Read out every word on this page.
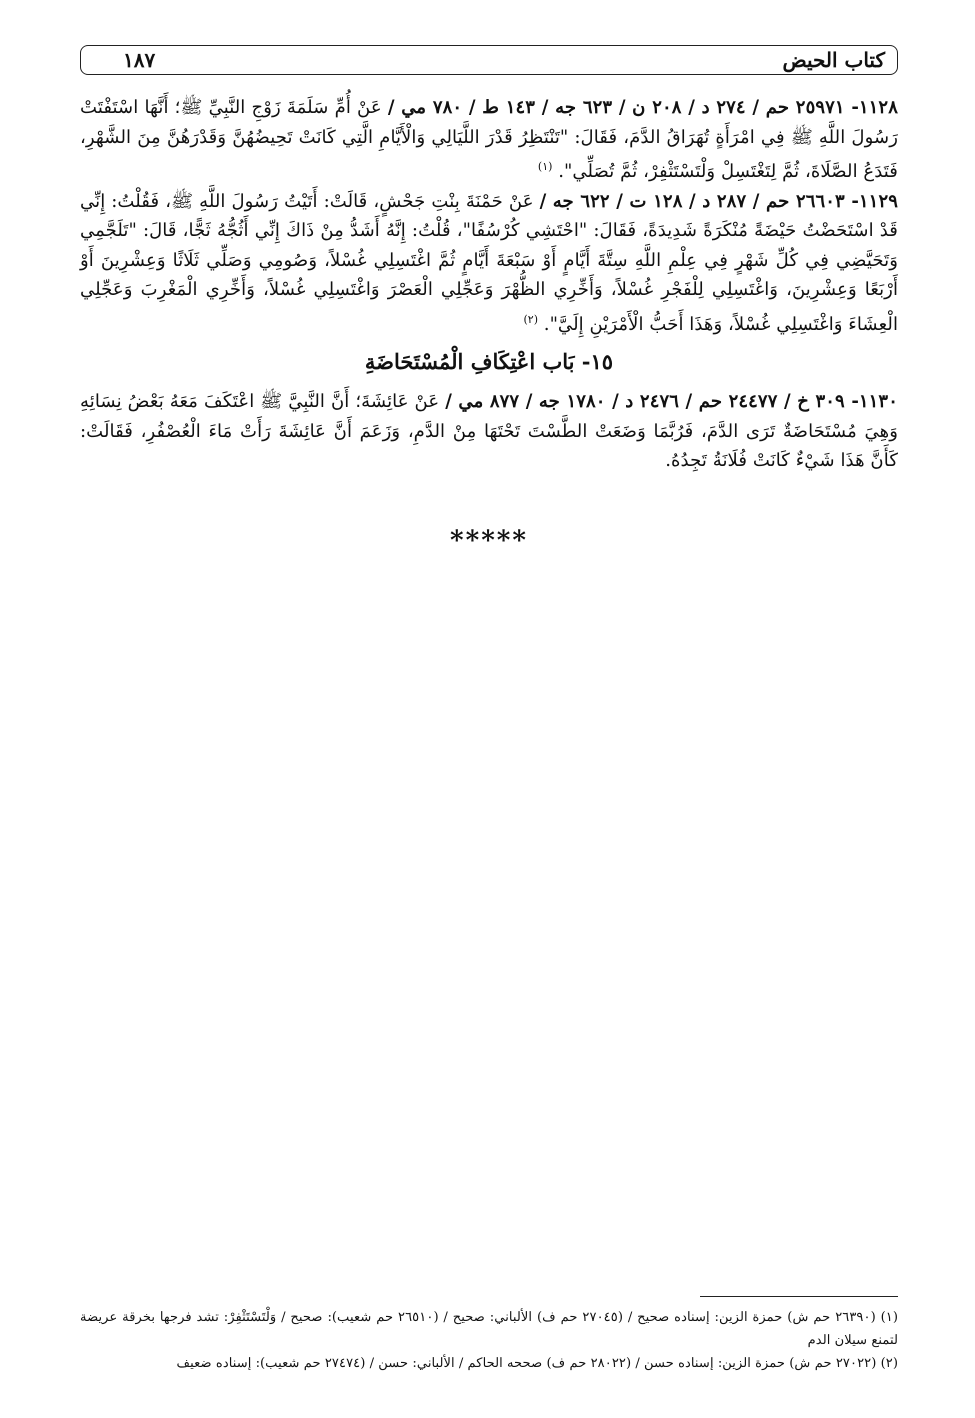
كتاب الحيض
١٨٧

١١٢٨- ٢٥٩٧١ حم / ٢٧٤ د / ٢٠٨ ن / ٦٢٣ جه / ١٤٣ ط / ٧٨٠ مي / عَنْ أُمِّ سَلَمَةَ زَوْجِ النَّبِيِّ ﷺ؛ أَنَّهَا اسْتَفْتَتْ رَسُولَ اللَّهِ ﷺ فِي امْرَأَةٍ تُهَرَاقُ الدَّمَ، فَقَالَ: "تَنْتَظِرُ قَدْرَ اللَّيَالِي وَالْأَيَّامِ الَّتِي كَانَتْ تَحِيضُهُنَّ وَقَدْرَهُنَّ مِنَ الشَّهْرِ، فَتَدَعُ الصَّلَاةَ، ثُمَّ لِتَغْتَسِلْ وَلْتَسْتَثْفِرْ، ثُمَّ تُصَلِّي". $^{(١)}$

١١٢٩- ٢٦٦٠٣ حم / ٢٨٧ د / ١٢٨ ت / ٦٢٢ جه / عَنْ حَمْنَةَ بِنْتِ جَحْشٍ، قَالَتْ: أَتَيْتُ رَسُولَ اللَّهِ ﷺ، فَقُلْتُ: إِنِّي قَدْ اسْتَحَضْتُ حَيْضَةً مُنْكَرَةً شَدِيدَةً، فَقَالَ: "احْتَشِي كُرْسُفًا"، قُلْتُ: إِنَّهُ أَشَدُّ مِنْ ذَاكَ إِنِّي أَثُجُّهُ ثَجًّا، قَالَ: "تَلَجَّمِي وَتَحَيَّضِي فِي كُلِّ شَهْرٍ فِي عِلْمِ اللَّهِ سِتَّةَ أَيَّامٍ أَوْ سَبْعَةَ أَيَّامٍ ثُمَّ اغْتَسِلِي غُسْلاً، وَصُومِي وَصَلِّي ثَلَاثًا وَعِشْرِينَ أَوْ أَرْبَعًا وَعِشْرِينَ، وَاغْتَسِلِي لِلْفَجْرِ غُسْلاً، وَأَخِّرِي الظُّهْرَ وَعَجِّلِي الْعَصْرَ وَاغْتَسِلِي غُسْلاً، وَأَخِّرِي الْمَغْرِبَ وَعَجِّلِي الْعِشَاءَ وَاغْتَسِلِي غُسْلاً، وَهَذَا أَحَبُّ الْأَمْرَيْنِ إِلَيَّ". $^{(٢)}$

١٥- بَاب اعْتِكَافِ الْمُسْتَحَاضَةِ

١١٣٠- ٣٠٩ خ / ٢٤٤٧٧ حم / ٢٤٧٦ د / ١٧٨٠ جه / ٨٧٧ مي / عَنْ عَائِشَةَ؛ أَنَّ النَّبِيَّ ﷺ اعْتَكَفَ مَعَهُ بَعْضُ نِسَائِهِ وَهِيَ مُسْتَحَاضَةٌ تَرَى الدَّمَ، فَرُبَّمَا وَضَعَتْ الطَّسْتَ تَحْتَهَا مِنْ الدَّمِ، وَزَعَمَ أَنَّ عَائِشَةَ رَأَتْ مَاءَ الْعُصْفُرِ، فَقَالَتْ: كَأَنَّ هَذَا شَيْءٌ كَانَتْ فُلَانَةُ تَجِدُهُ.

*****

(١) (٢٦٣٩٠ حم ش) حمزة الزين: إسناده صحيح / (٢٧٠٤٥ حم ف) الألباني: صحيح / (٢٦٥١٠ حم شعيب): صحيح / وَلْتَسْتَثْفِرْ: تشد فرجها بخرقة عريضة لتمنع سيلان الدم

(٢) (٢٧٠٢٢ حم ش) حمزة الزين: إسناده حسن / (٢٨٠٢٢ حم ف) صححه الحاكم / الألباني: حسن / (٢٧٤٧٤ حم شعيب): إسناده ضعيف
